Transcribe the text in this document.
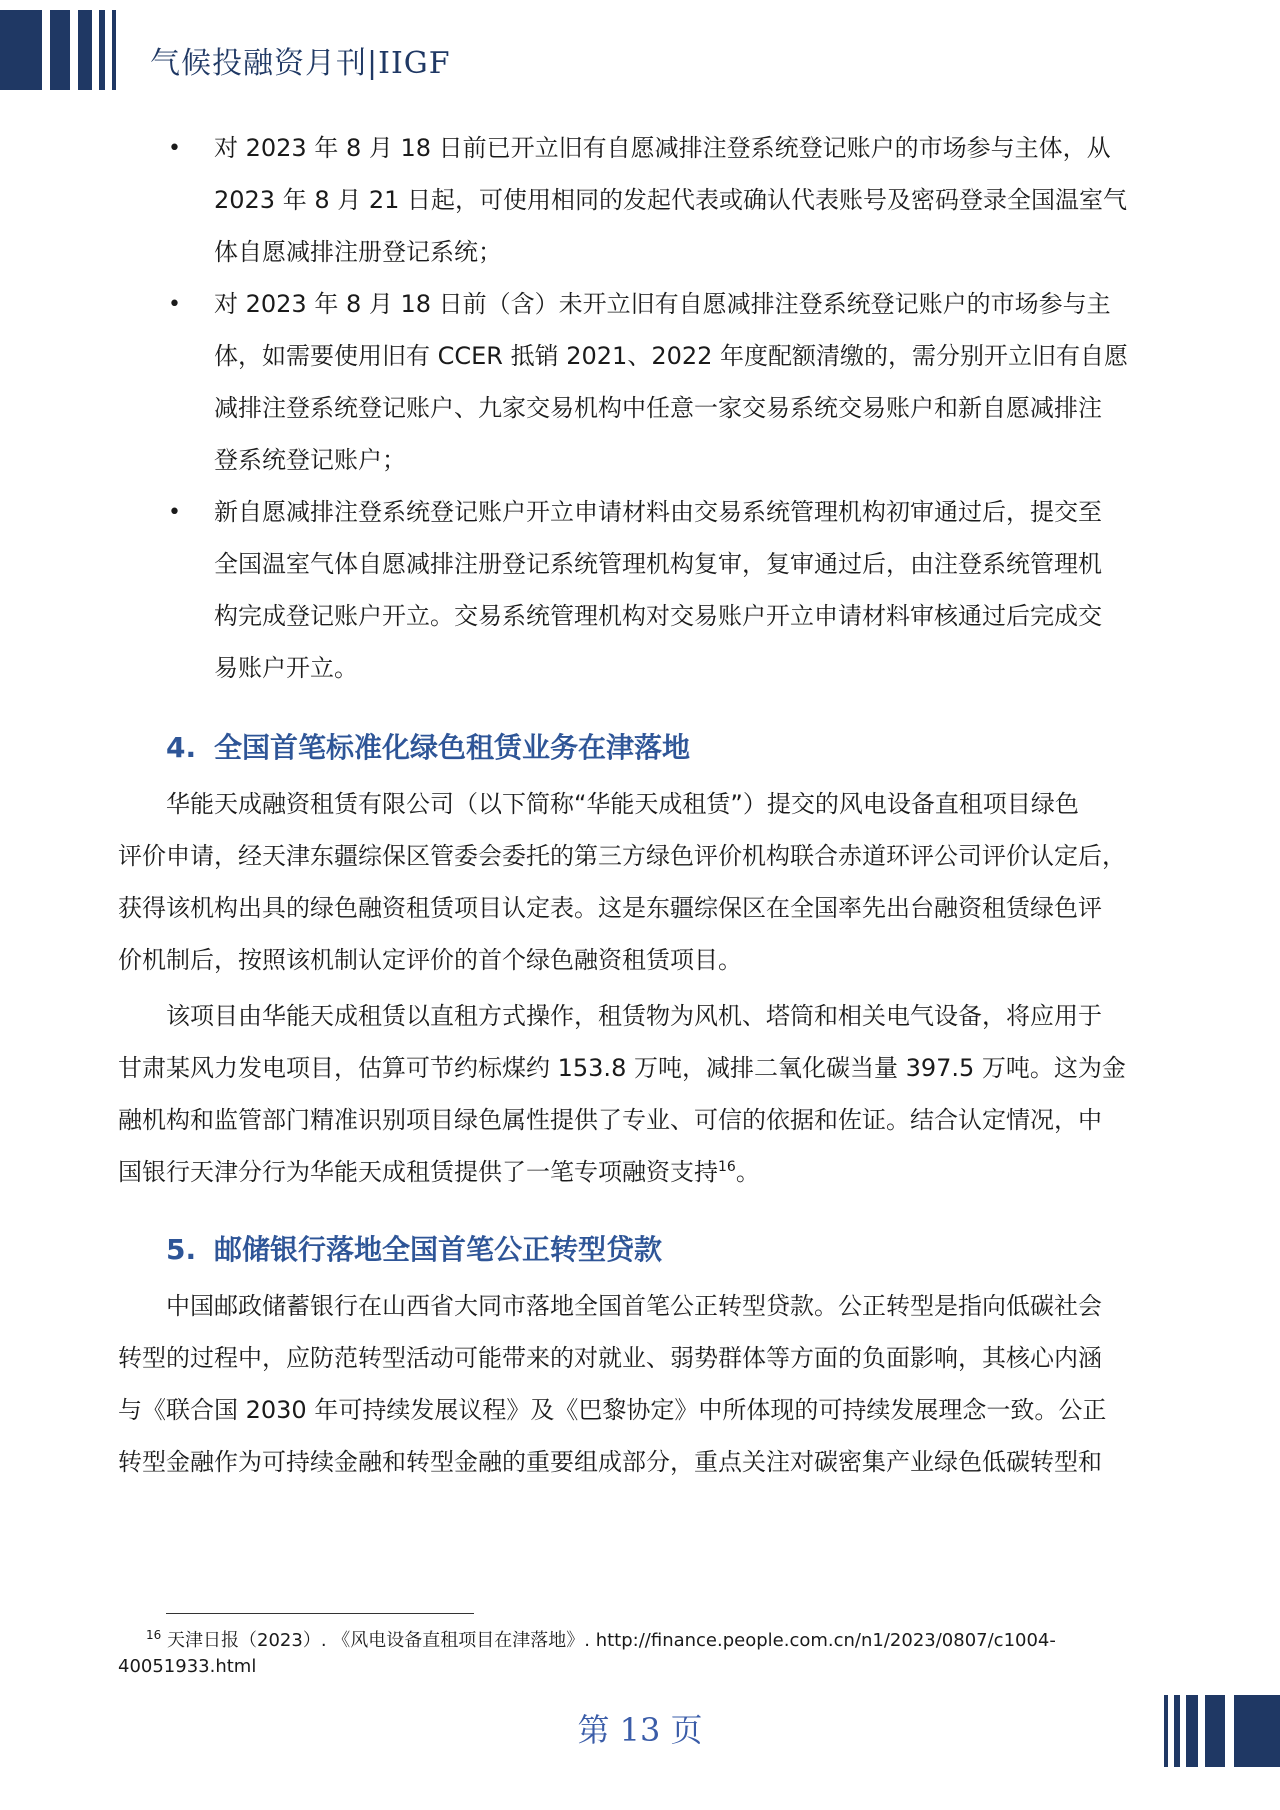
气候投融资月刊|IIGF
• 对 2023 年 8 月 18 日前已开立旧有自愿减排注登系统登记账户的市场参与主体，从
2023 年 8 月 21 日起，可使用相同的发起代表或确认代表账号及密码登录全国温室气
体自愿减排注册登记系统；
• 对 2023 年 8 月 18 日前（含）未开立旧有自愿减排注登系统登记账户的市场参与主
体，如需要使用旧有 CCER 抵销 2021、2022 年度配额清缴的，需分别开立旧有自愿
减排注登系统登记账户、九家交易机构中任意一家交易系统交易账户和新自愿减排注
登系统登记账户；
• 新自愿减排注登系统登记账户开立申请材料由交易系统管理机构初审通过后，提交至
全国温室气体自愿减排注册登记系统管理机构复审，复审通过后，由注登系统管理机
构完成登记账户开立。交易系统管理机构对交易账户开立申请材料审核通过后完成交
易账户开立。
4. 全国首笔标准化绿色租赁业务在津落地
华能天成融资租赁有限公司（以下简称“华能天成租赁”）提交的风电设备直租项目绿色
评价申请，经天津东疆综保区管委会委托的第三方绿色评价机构联合赤道环评公司评价认定后，
获得该机构出具的绿色融资租赁项目认定表。这是东疆综保区在全国率先出台融资租赁绿色评
价机制后，按照该机制认定评价的首个绿色融资租赁项目。
该项目由华能天成租赁以直租方式操作，租赁物为风机、塔筒和相关电气设备，将应用于
甘肃某风力发电项目，估算可节约标煤约 153.8 万吨，减排二氧化碳当量 397.5 万吨。这为金
融机构和监管部门精准识别项目绿色属性提供了专业、可信的依据和佐证。结合认定情况，中
国银行天津分行为华能天成租赁提供了一笔专项融资支持$^{16}$。
5. 邮储银行落地全国首笔公正转型贷款
中国邮政储蓄银行在山西省大同市落地全国首笔公正转型贷款。公正转型是指向低碳社会
转型的过程中，应防范转型活动可能带来的对就业、弱势群体等方面的负面影响，其核心内涵
与《联合国 2030 年可持续发展议程》及《巴黎协定》中所体现的可持续发展理念一致。公正
转型金融作为可持续金融和转型金融的重要组成部分，重点关注对碳密集产业绿色低碳转型和
$^{16}$ 天津日报（2023）. 《风电设备直租项目在津落地》. http://finance.people.com.cn/n1/2023/0807/c1004-
40051933.html
第 13 页
